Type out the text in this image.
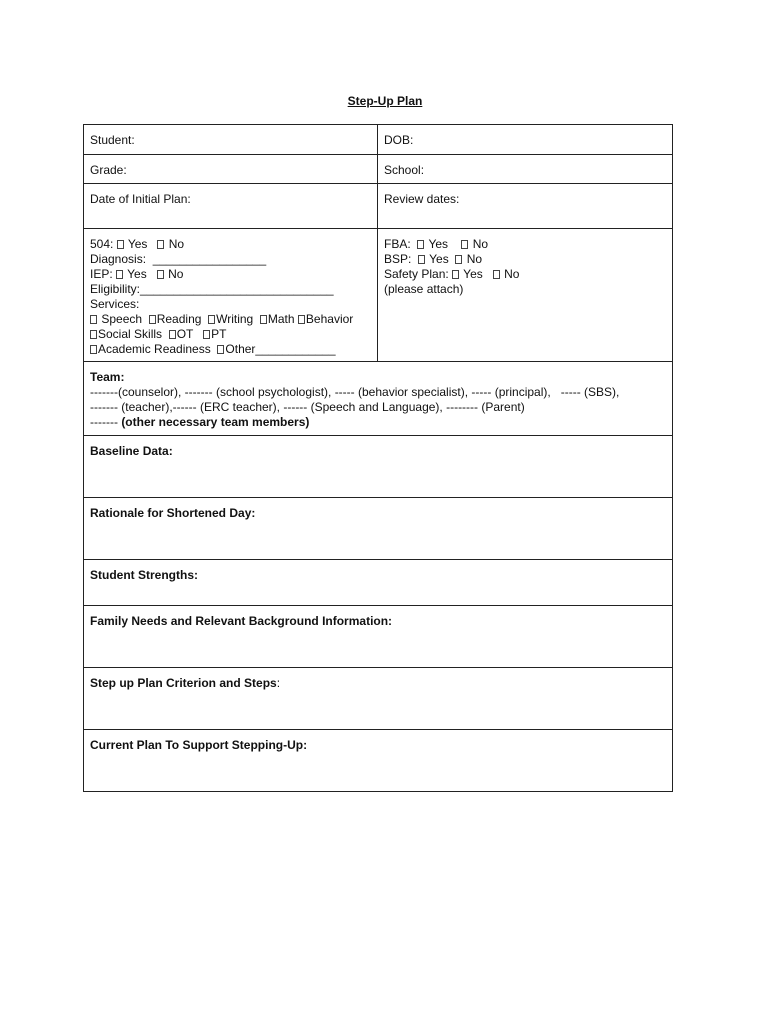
Step-Up Plan
Student:	DOB:
Grade:	School:
Date of Initial Plan:	Review dates:
504:  Yes No
Diagnosis:  _________________
IEP:  Yes No
Eligibility:_____________________________
Services:
Speech Reading Writing Math Behavior
Social Skills OT PT
Academic Readiness Other____________
FBA:   Yes No
BSP:   Yes No
Safety Plan:  Yes No
(please attach)
Team:
-------(counselor), ------- (school psychologist), ----- (behavior specialist), ----- (principal),   ----- (SBS),
------- (teacher),------ (ERC teacher), ------ (Speech and Language), -------- (Parent)
------- (other necessary team members)
Baseline Data:
Rationale for Shortened Day:
Student Strengths:
Family Needs and Relevant Background Information:
Step up Plan Criterion and Steps:
Current Plan To Support Stepping-Up:
